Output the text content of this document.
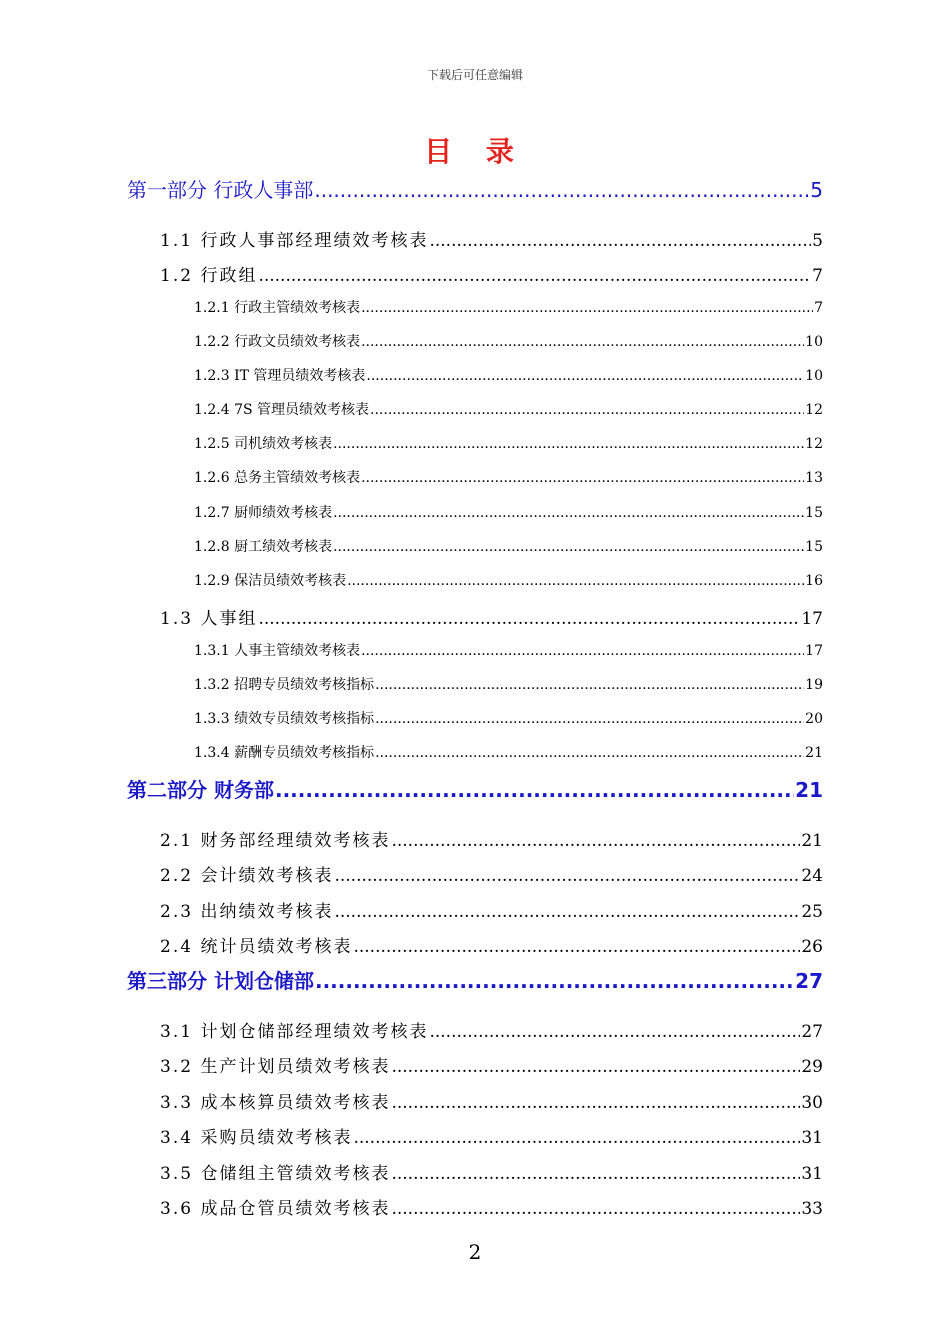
下载后可任意编辑
目 录
第一部分 行政人事部 .....	5
1.1 行政人事部经理绩效考核表 .....	5
1.2 行政组 .....	7
1.2.1 行政主管绩效考核表 .....	7
1.2.2 行政文员绩效考核表 .....	10
1.2.3 IT 管理员绩效考核表 .....	10
1.2.4 7S 管理员绩效考核表 .....	12
1.2.5 司机绩效考核表 .....	12
1.2.6 总务主管绩效考核表 .....	13
1.2.7 厨师绩效考核表 .....	15
1.2.8 厨工绩效考核表 .....	15
1.2.9 保洁员绩效考核表 .....	16
1.3 人事组 .....	17
1.3.1 人事主管绩效考核表 .....	17
1.3.2 招聘专员绩效考核指标 .....	19
1.3.3 绩效专员绩效考核指标 .....	20
1.3.4 薪酬专员绩效考核指标 .....	21
第二部分 财务部 .....	21
2.1 财务部经理绩效考核表 .....	21
2.2 会计绩效考核表 .....	24
2.3 出纳绩效考核表 .....	25
2.4 统计员绩效考核表 .....	26
第三部分 计划仓储部 .....	27
3.1 计划仓储部经理绩效考核表 .....	27
3.2 生产计划员绩效考核表 .....	29
3.3 成本核算员绩效考核表 .....	30
3.4 采购员绩效考核表 .....	31
3.5 仓储组主管绩效考核表 .....	31
3.6 成品仓管员绩效考核表 .....	33
2
